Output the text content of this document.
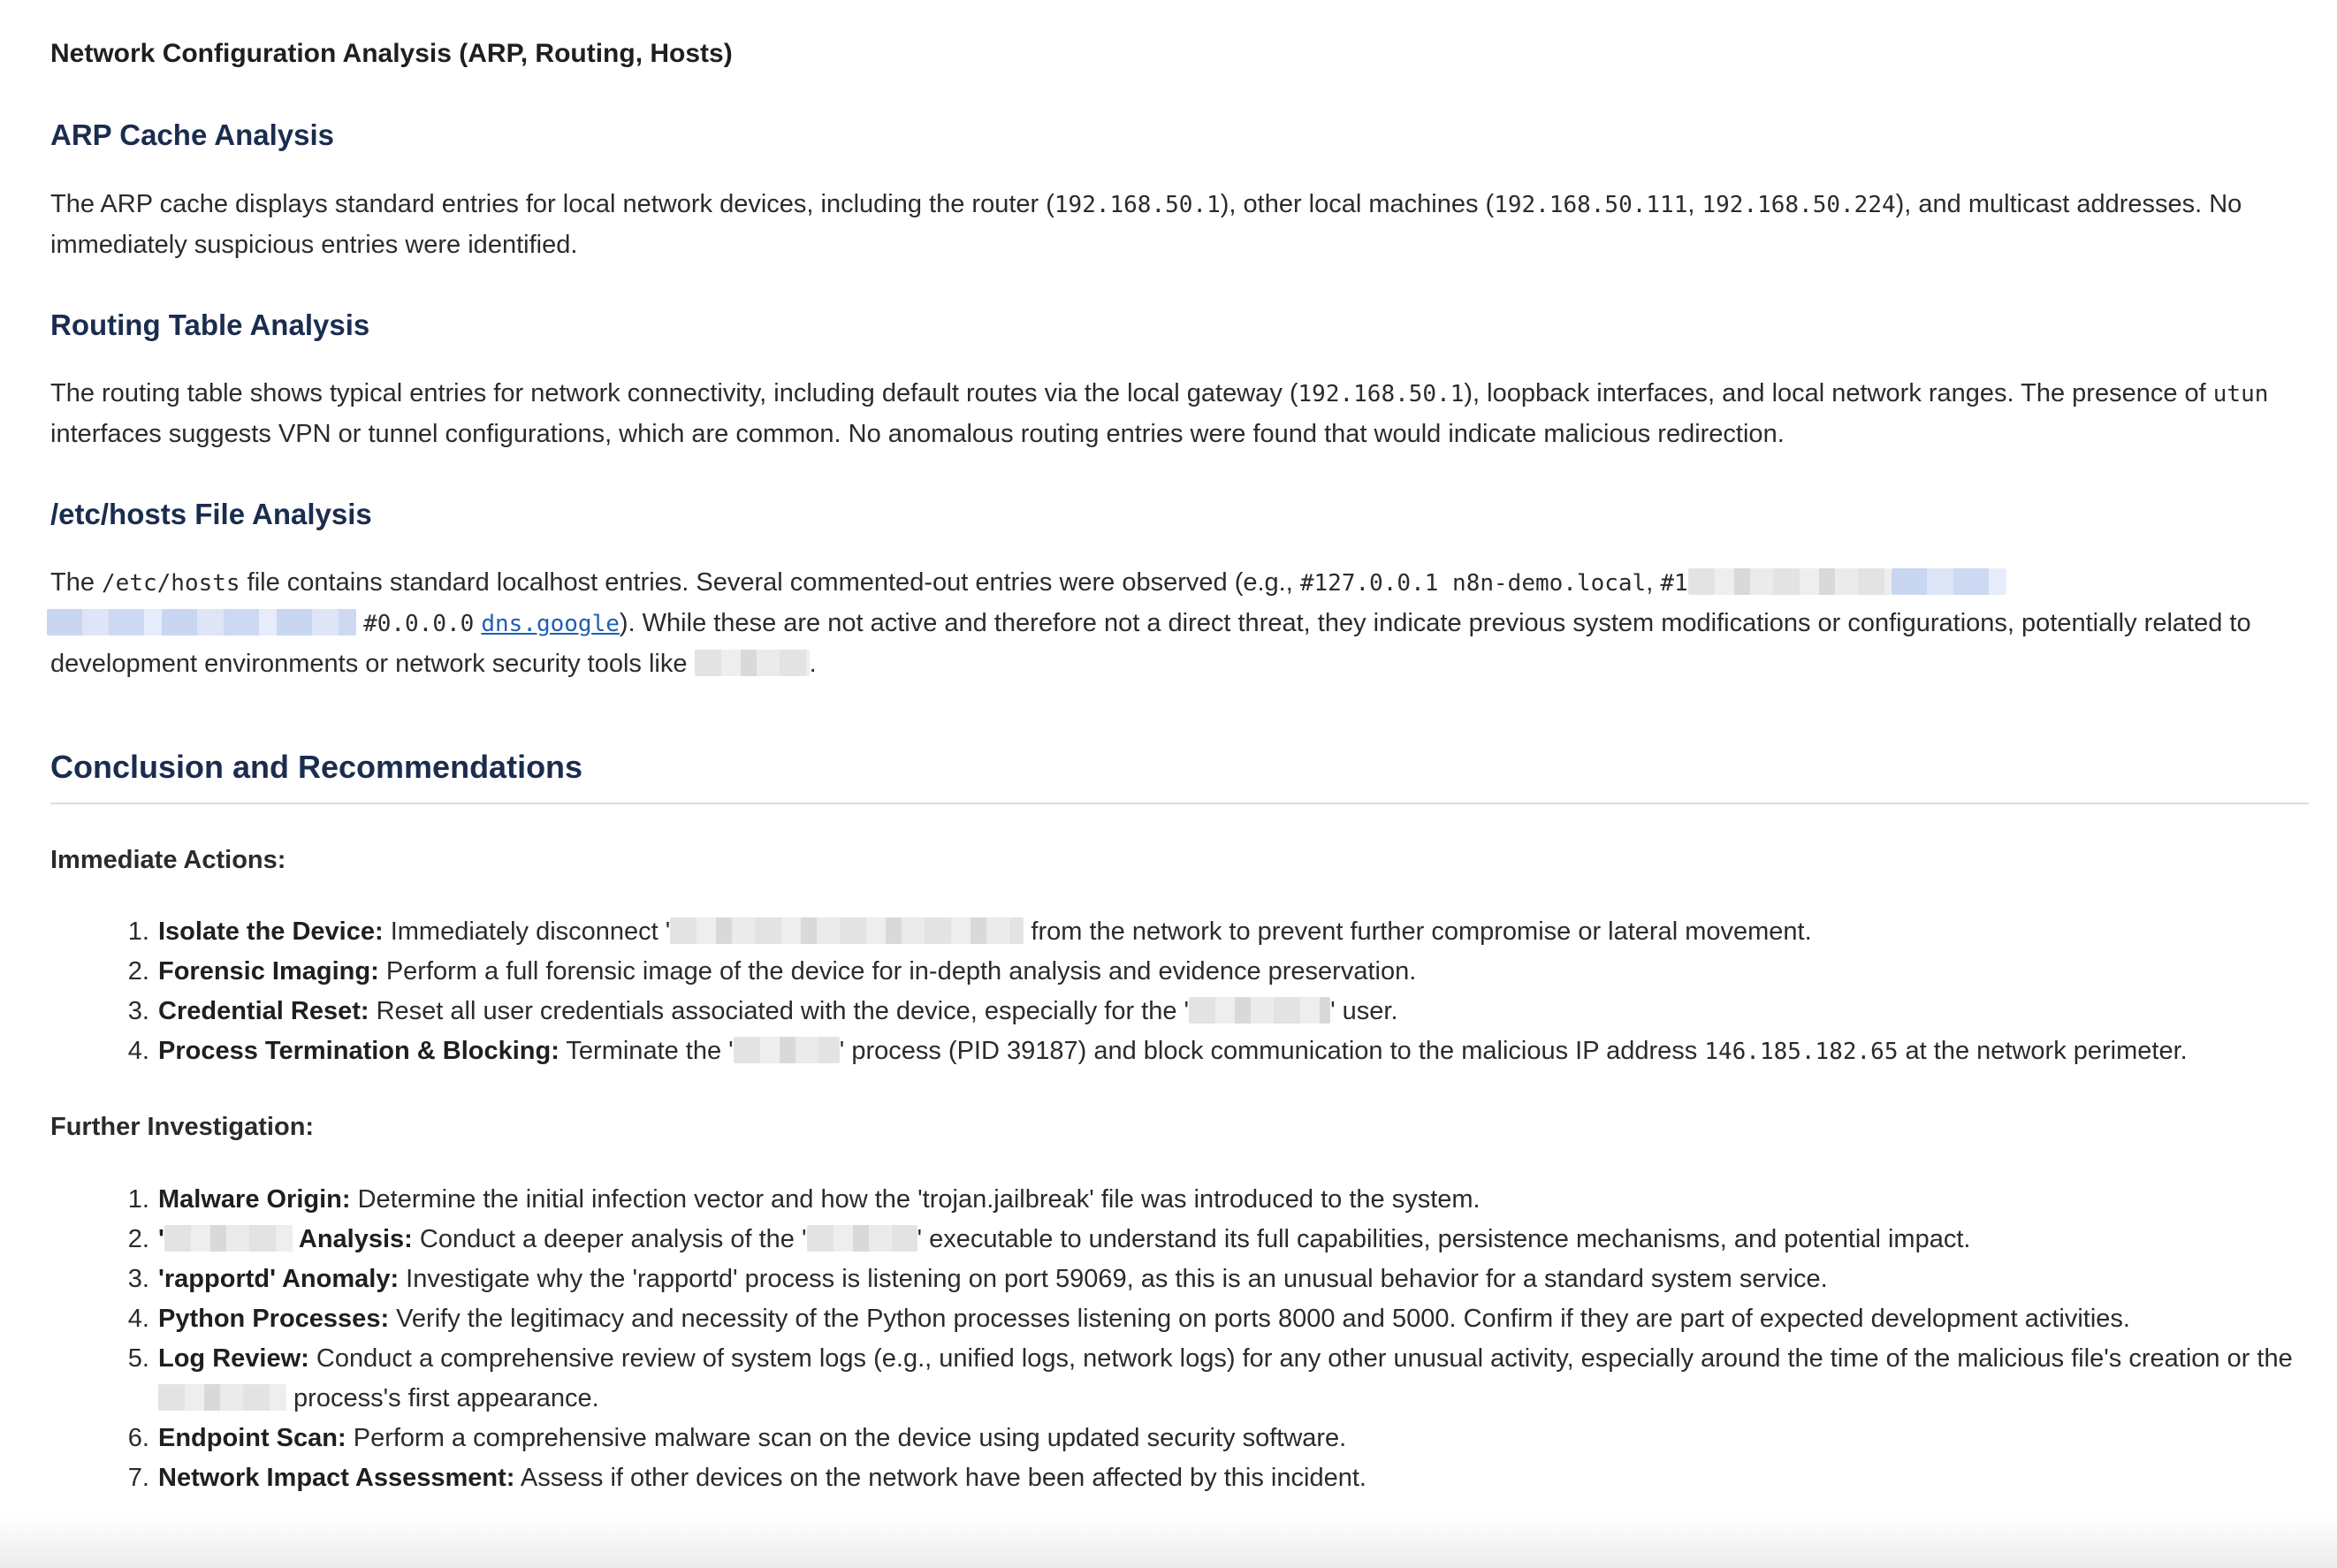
Network Configuration Analysis (ARP, Routing, Hosts)
ARP Cache Analysis

The ARP cache displays standard entries for local network devices, including the router (192.168.50.1), other local machines (192.168.50.111, 192.168.50.224), and multicast addresses. No immediately suspicious entries were identified.

Routing Table Analysis

The routing table shows typical entries for network connectivity, including default routes via the local gateway (192.168.50.1), loopback interfaces, and local network ranges. The presence of utun interfaces suggests VPN or tunnel configurations, which are common. No anomalous routing entries were found that would indicate malicious redirection.

/etc/hosts File Analysis

The /etc/hosts file contains standard localhost entries. Several commented-out entries were observed (e.g., #127.0.0.1 n8n-demo.local, #1  #0.0.0.0 dns.google). While these are not active and therefore not a direct threat, they indicate previous system modifications or configurations, potentially related to development environments or network security tools like	.

Conclusion and Recommendations
Immediate Actions:
1. Isolate the Device: Immediately disconnect '	from the network to prevent further compromise or lateral movement.
2. Forensic Imaging: Perform a full forensic image of the device for in-depth analysis and evidence preservation.
3. Credential Reset: Reset all user credentials associated with the device, especially for the '	' user.
4. Process Termination & Blocking: Terminate the '	' process (PID 39187) and block communication to the malicious IP address 146.185.182.65 at the network perimeter.
Further Investigation:
1. Malware Origin: Determine the initial infection vector and how the 'trojan.jailbreak' file was introduced to the system.
2. '	Analysis: Conduct a deeper analysis of the '	' executable to understand its full capabilities, persistence mechanisms, and potential impact.
3. 'rapportd' Anomaly: Investigate why the 'rapportd' process is listening on port 59069, as this is an unusual behavior for a standard system service.
4. Python Processes: Verify the legitimacy and necessity of the Python processes listening on ports 8000 and 5000. Confirm if they are part of expected development activities.
5. Log Review: Conduct a comprehensive review of system logs (e.g., unified logs, network logs) for any other unusual activity, especially around the time of the malicious file's creation or the  process's first appearance.
6. Endpoint Scan: Perform a comprehensive malware scan on the device using updated security software.
7. Network Impact Assessment: Assess if other devices on the network have been affected by this incident.
